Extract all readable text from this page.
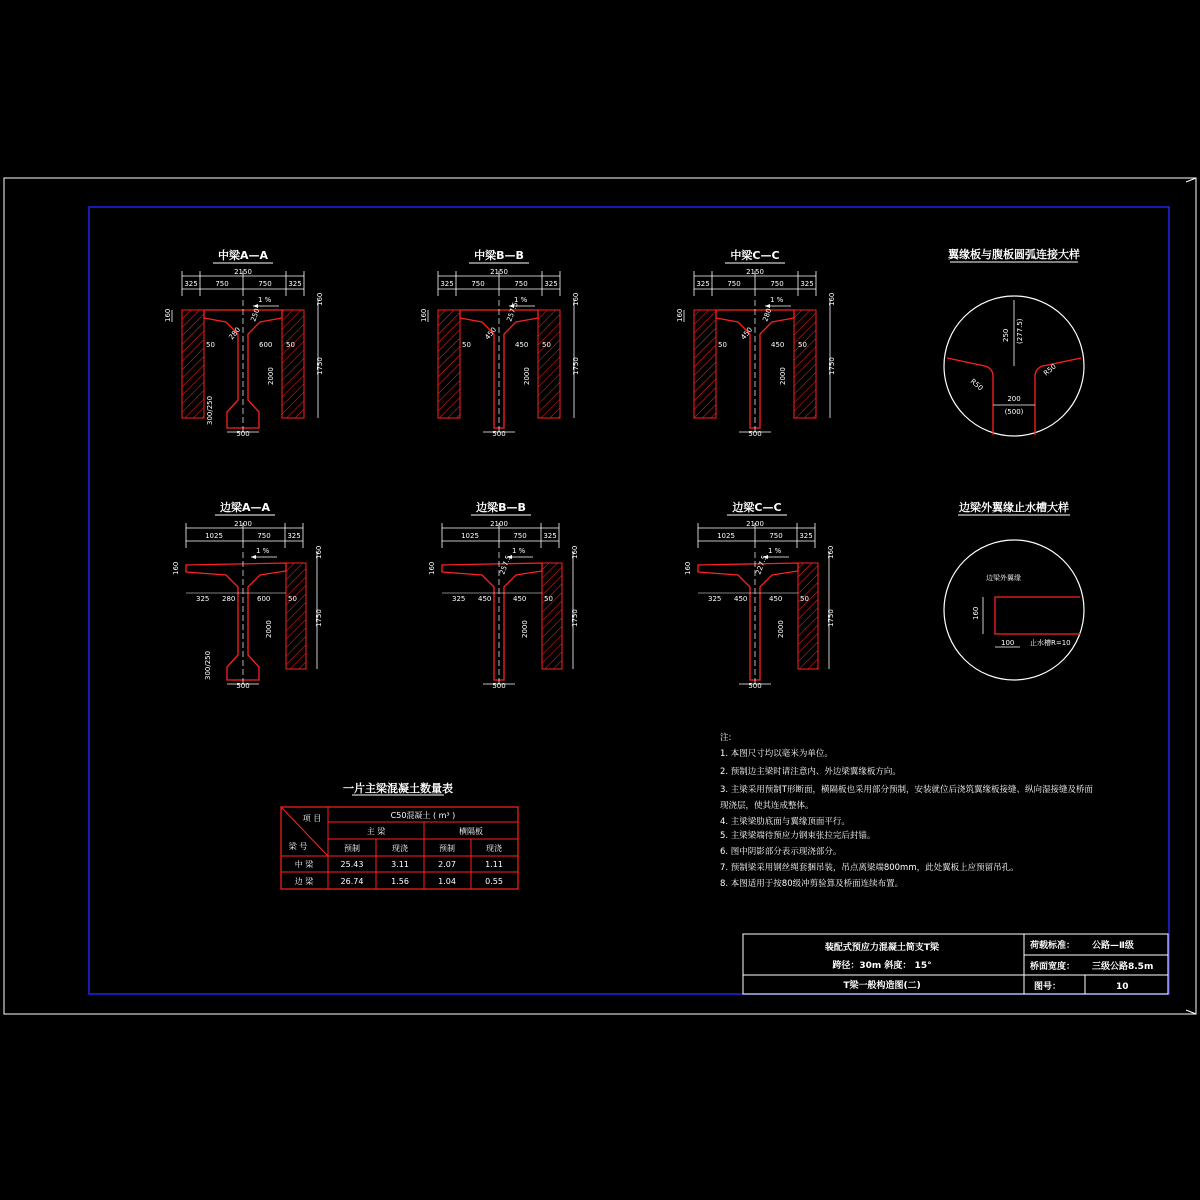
中梁A—A
2150
325	750	750 325
1 %
160
160
1750
2000
250
280
50	600 50
300/250
500
中梁B—B
2150
325	750	750 325
1 %
160
160
1750
2000
257.5
450
50	450 50
500
中梁C—C
2150
325	750	750 325
1 %
160
160
1750
2000
280
450
50	450 50
500
边梁A—A
2100
1025	750 325
1 %
160
160
1750
2000
325 280	600	50
300/250
500
边梁B—B
2100
1025	750 325
1 %
160
160
1750
2000
325 450	450	50
257.5
500
边梁C—C
2100
1025	750 325
1 %
160
160
1750
2000
325 450	450	50
227.5
500
翼缘板与腹板圆弧连接大样
250 (277.5)
R50
R50
200
(500)
边梁外翼缘止水槽大样
边梁外翼缘
160
100 止水槽R=10
一片主梁混凝土数量表
项 目
梁 号
C50混凝土 ( m³ )
主 梁	横隔板
预制	现浇	预制	现浇
中 梁	25.43	3.11	2.07	1.11
边 梁	26.74	1.56	1.04	0.55
注:
1. 本图尺寸均以毫米为单位。
2. 预制边主梁时请注意内、外边梁翼缘板方向。
3. 主梁采用预制T形断面，横隔板也采用部分预制，安装就位后浇筑翼缘板接缝、纵向湿接缝及桥面
现浇层，使其连成整体。
4. 主梁梁肋底面与翼缘顶面平行。
5. 主梁梁端待预应力钢束张拉完后封锚。
6. 图中阴影部分表示现浇部分。
7. 预制梁采用钢丝绳套捆吊装，吊点离梁端800mm，此处翼板上应预留吊孔。
8. 本图适用于按80级冲剪验算及桥面连续布置。
装配式预应力混凝土简支T梁
跨径：30m 斜度： 15°
T梁一般构造图(二)
荷载标准： 公路—Ⅱ级
桥面宽度： 三级公路8.5m
图号：	10
